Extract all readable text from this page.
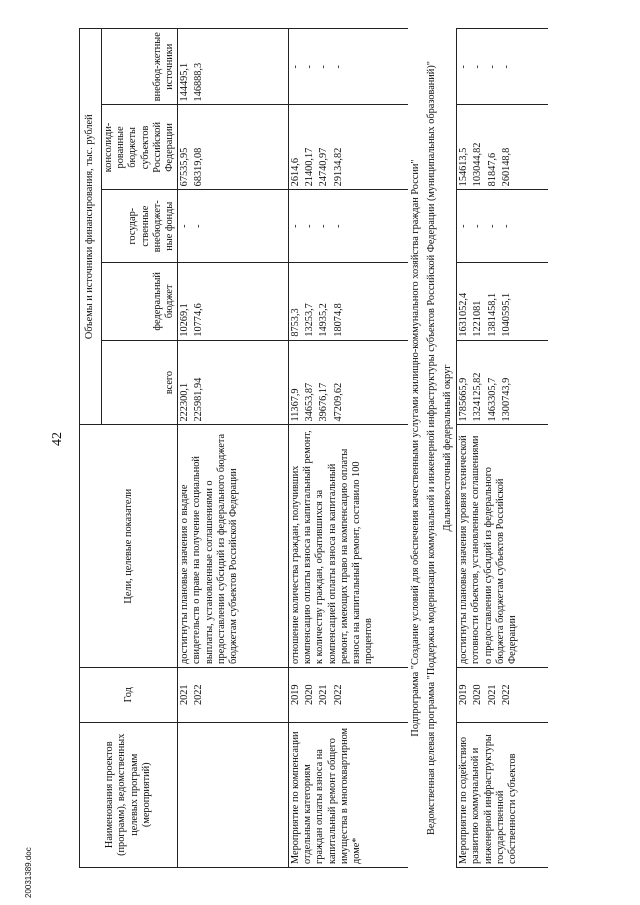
42
20031389.doc
Наименования проектов (программ), ведомственных целевых программ (мероприятий)	Год	Цели, целевые показатели	Объемы и источники финансирования, тыс. рублей				
			всего	федеральный бюджет	государ-ственные внебюджет-ные фонды	консолиди-рованные бюджеты субъектов Российской Федерации	внебюд-жетные источники
	2021	достигнуты плановые значения о выдаче свидетельств о праве на получение социальной выплаты, установленные соглашениями о предоставлении субсидий из федерального бюджета бюджетам субъектов Российской Федерации	222300,1	10269,1	-	67535,95	144495,1
	2022		225981,94	10774,6	-	68319,08	146888,3
Мероприятие по компенсации отдельным категориям граждан оплаты взноса на капитальный ремонт общего имущества в многоквартирном доме*	2019	отношение количества граждан, получивших компенсацию оплаты взноса на капитальный ремонт, к количеству граждан, обратившихся за компенсацией оплаты взноса на капитальный ремонт, имеющих право на компенсацию оплаты взноса на капитальный ремонт, составило 100 процентов	11367,9	8753,3	-	2614,6	-
	2020		34653,87	13253,7	-	21400,17	-
	2021		39676,17	14935,2	-	24740,97	-
	2022		47209,62	18074,8	-	29134,82	-
Подпрограмма "Создание условий для обеспечения качественными услугами жилищно-коммунального хозяйства граждан России"							
Ведомственная целевая программа "Поддержка модернизации коммунальной и инженерной инфраструктуры субъектов Российской Федерации (муниципальных образований)"							
Дальневосточный федеральный округ							
Мероприятие по содействию развитию коммунальной и инженерной инфраструктуры государственной собственности субъектов	2019	достигнуты плановые значения уровня технической готовности объектов, установленные соглашениями о предоставлении субсидий из федерального бюджета бюджетам субъектов Российской Федерации	1785665,9	1631052,4	-	154613,5	-
	2020		1324125,82	1221081	-	103044,82	-
	2021		1463305,7	1381458,1	-	81847,6	-
	2022		1300743,9	1040595,1	-	260148,8	-
